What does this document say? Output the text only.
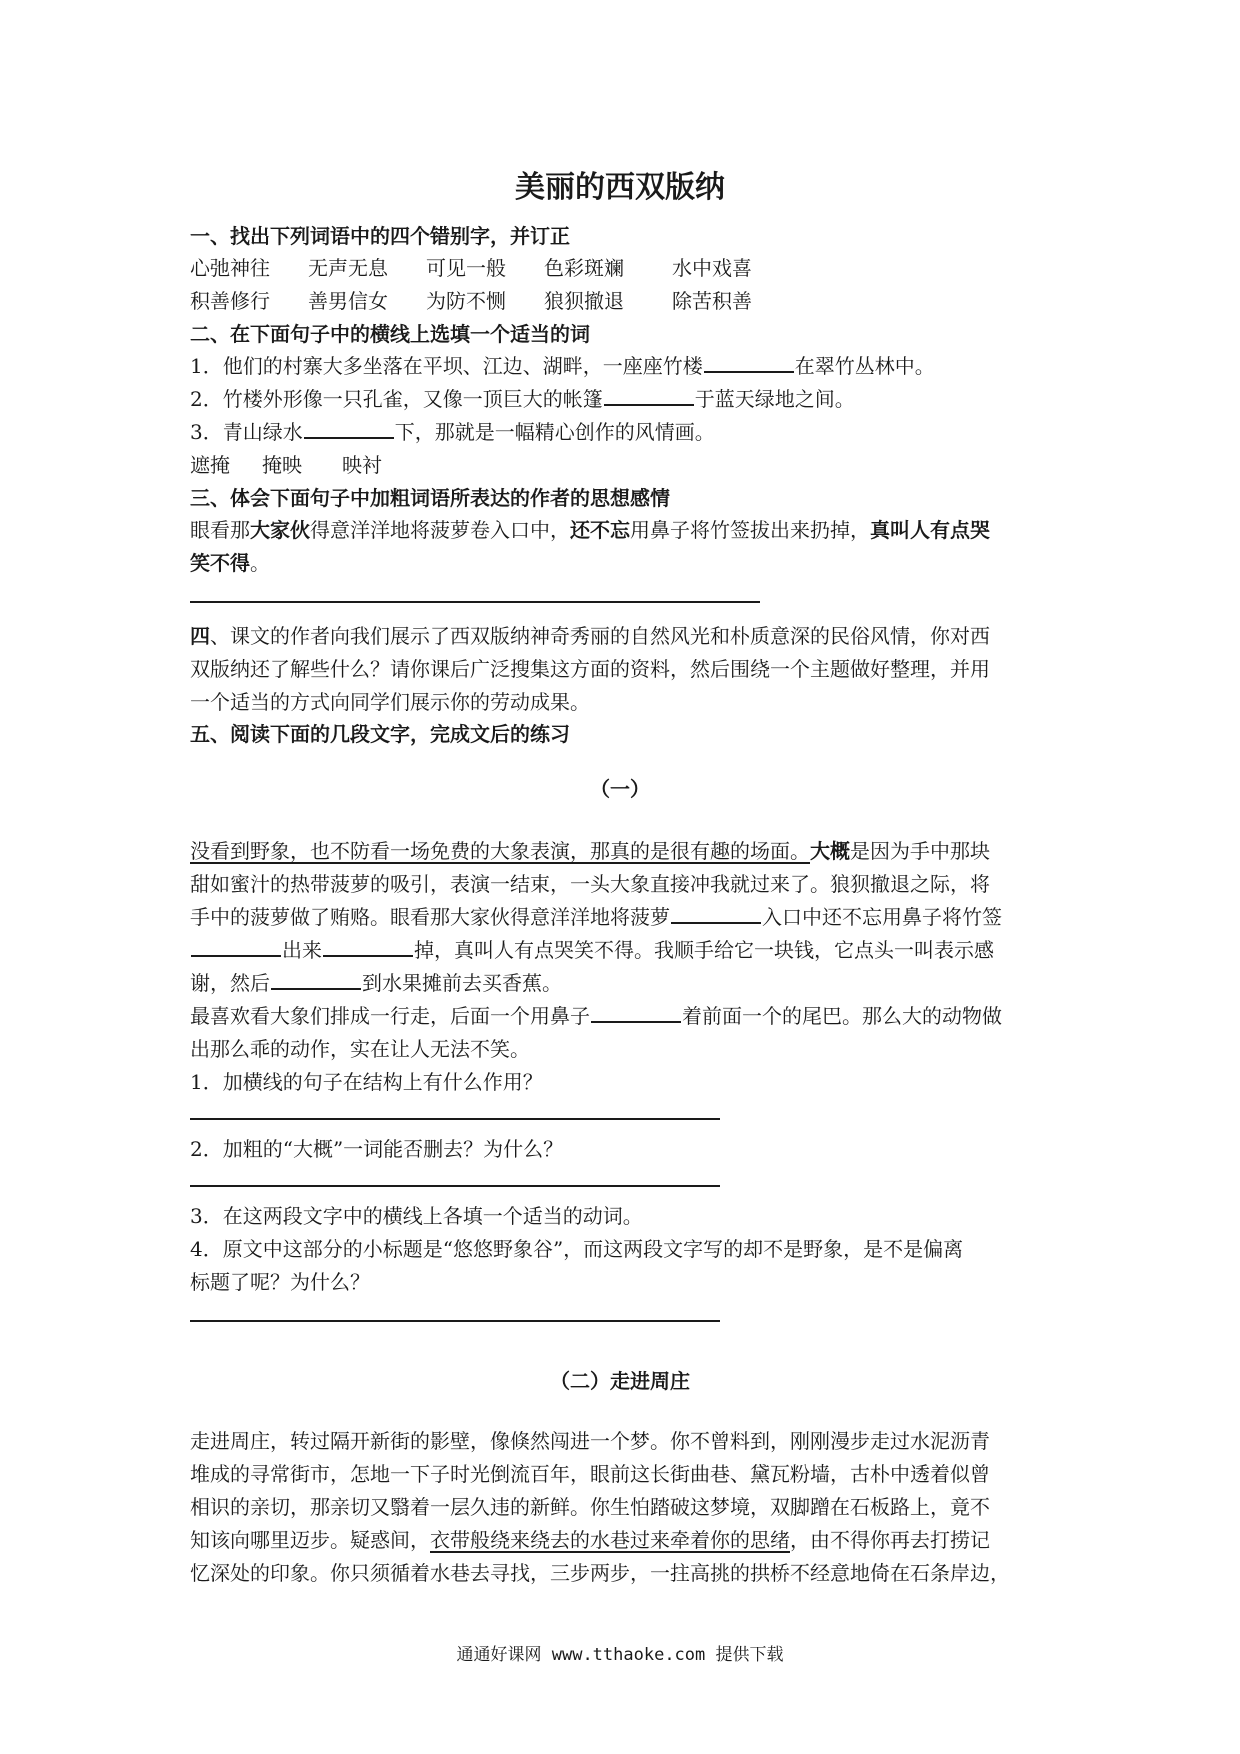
美丽的西双版纳
一、找出下列词语中的四个错别字，并订正
心弛神往 无声无息 可见一般 色彩斑斓 水中戏喜
积善修行 善男信女 为防不恻 狼狈撤退 除苦积善
二、在下面句子中的横线上选填一个适当的词
1．他们的村寨大多坐落在平坝、江边、湖畔，一座座竹楼	在翠竹丛林中。
2．竹楼外形像一只孔雀，又像一顶巨大的帐篷	于蓝天绿地之间。
3．青山绿水	下，那就是一幅精心创作的风情画。
遮掩 掩映 映衬
三、体会下面句子中加粗词语所表达的作者的思想感情
眼看那大家伙得意洋洋地将菠萝卷入口中，还不忘用鼻子将竹签拔出来扔掉，真叫人有点哭
笑不得。
四、课文的作者向我们展示了西双版纳神奇秀丽的自然风光和朴质意深的民俗风情，你对西
双版纳还了解些什么？请你课后广泛搜集这方面的资料，然后围绕一个主题做好整理，并用
一个适当的方式向同学们展示你的劳动成果。
五、阅读下面的几段文字，完成文后的练习
（一）
没看到野象，也不防看一场免费的大象表演，那真的是很有趣的场面。大概是因为手中那块
甜如蜜汁的热带菠萝的吸引，表演一结束，一头大象直接冲我就过来了。狼狈撤退之际，将
手中的菠萝做了贿赂。眼看那大家伙得意洋洋地将菠萝	入口中还不忘用鼻子将竹签
出来	掉，真叫人有点哭笑不得。我顺手给它一块钱，它点头一叫表示感
谢，然后	到水果摊前去买香蕉。
最喜欢看大象们排成一行走，后面一个用鼻子	着前面一个的尾巴。那么大的动物做
出那么乖的动作，实在让人无法不笑。
1．加横线的句子在结构上有什么作用？
2．加粗的“大概”一词能否删去？为什么？
3．在这两段文字中的横线上各填一个适当的动词。
4．原文中这部分的小标题是“悠悠野象谷”，而这两段文字写的却不是野象，是不是偏离
标题了呢？为什么？
（二）走进周庄
走进周庄，转过隔开新街的影壁，像倏然闯进一个梦。你不曾料到，刚刚漫步走过水泥沥青
堆成的寻常街市，怎地一下子时光倒流百年，眼前这长街曲巷、黛瓦粉墙，古朴中透着似曾
相识的亲切，那亲切又翳着一层久违的新鲜。你生怕踏破这梦境，双脚蹭在石板路上，竟不
知该向哪里迈步。疑惑间，衣带般绕来绕去的水巷过来牵着你的思绪，由不得你再去打捞记
忆深处的印象。你只须循着水巷去寻找，三步两步，一拄高挑的拱桥不经意地倚在石条岸边，
通通好课网 www.tthaoke.com 提供下载
